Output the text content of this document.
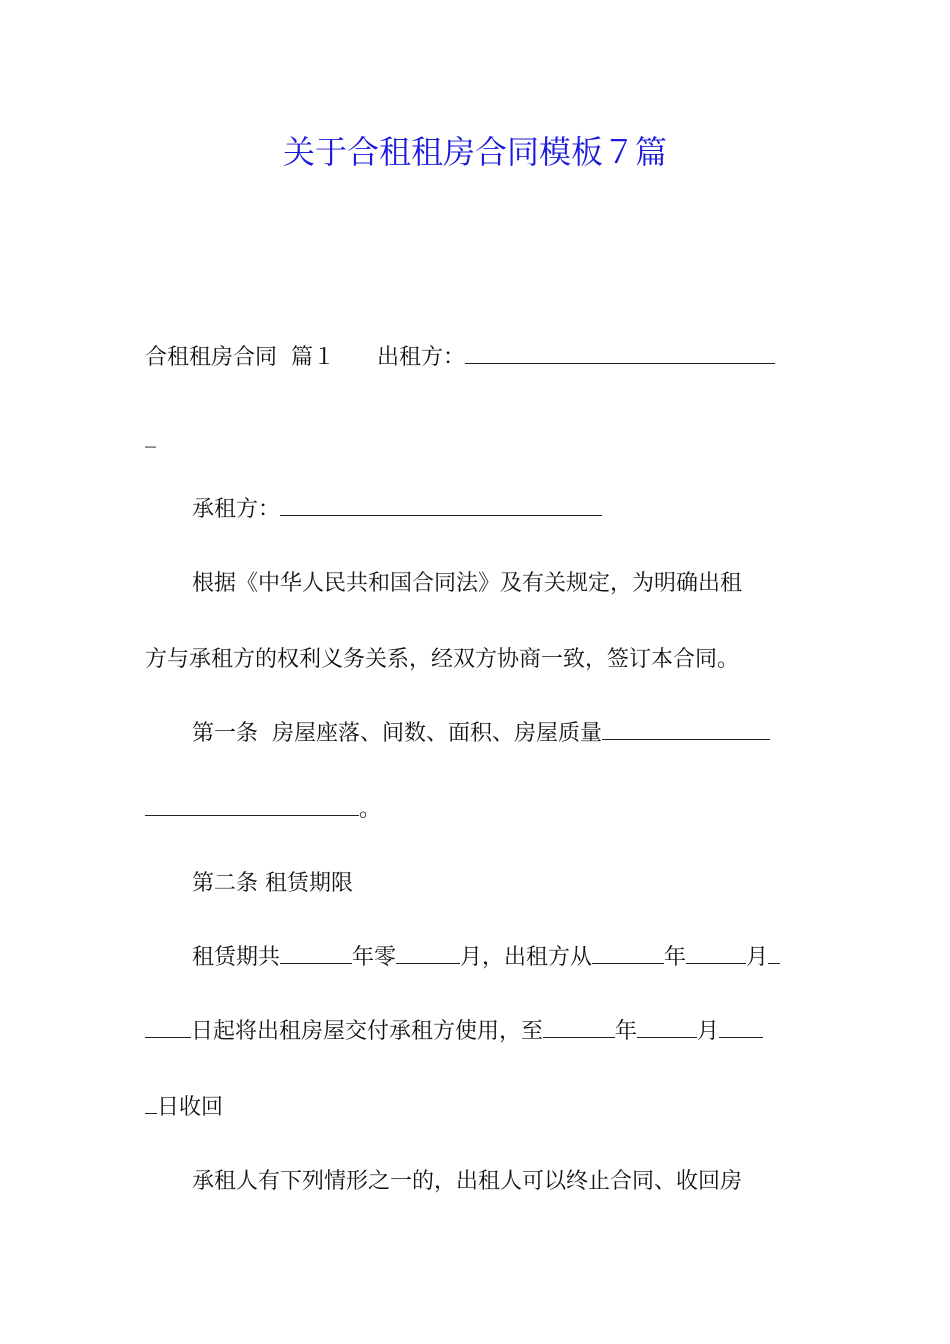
关于合租租房合同模板７篇

合租租房合同  篇１      出租方：

_

承租方：

根据《中华人民共和国合同法》及有关规定，为明确出租

方与承租方的权利义务关系，经双方协商一致，签订本合同。

第一条  房屋座落、间数、面积、房屋质量

。

第二条 租赁期限

租赁期共	年零	月，出租方从	年	月

日起将出租房屋交付承租方使用，至	年	月

日收回

承租人有下列情形之一的，出租人可以终止合同、收回房
